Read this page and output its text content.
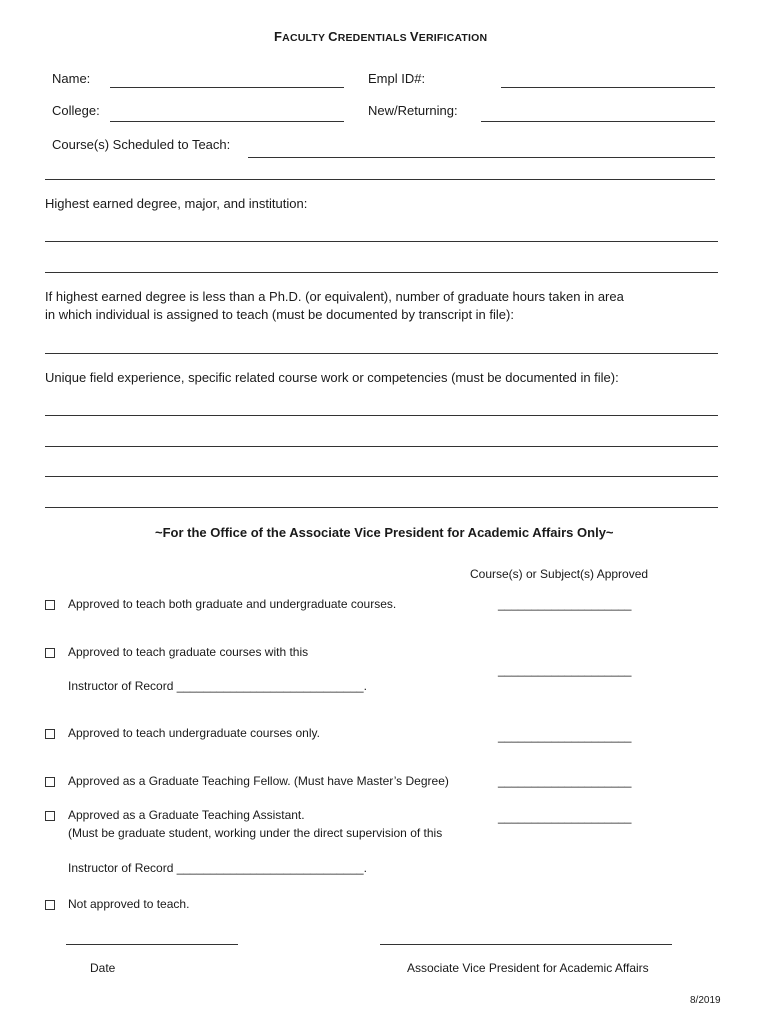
FACULTY CREDENTIALS VERIFICATION
Name:	Empl ID#:
College:	New/Returning:
Course(s) Scheduled to Teach:
Highest earned degree, major, and institution:
If highest earned degree is less than a Ph.D. (or equivalent), number of graduate hours taken in area
in which individual is assigned to teach (must be documented by transcript in file):
Unique field experience, specific related course work or competencies (must be documented in file):
~For the Office of the Associate Vice President for Academic Affairs Only~
Course(s) or Subject(s) Approved
Approved to teach both graduate and undergraduate courses.	____________________
Approved to teach graduate courses with this
____________________
Instructor of Record ____________________________.
Approved to teach undergraduate courses only.	____________________
Approved as a Graduate Teaching Fellow. (Must have Master’s Degree)	____________________
Approved as a Graduate Teaching Assistant.	____________________
(Must be graduate student, working under the direct supervision of this
Instructor of Record ____________________________.
Not approved to teach.
Date	Associate Vice President for Academic Affairs
8/2019
